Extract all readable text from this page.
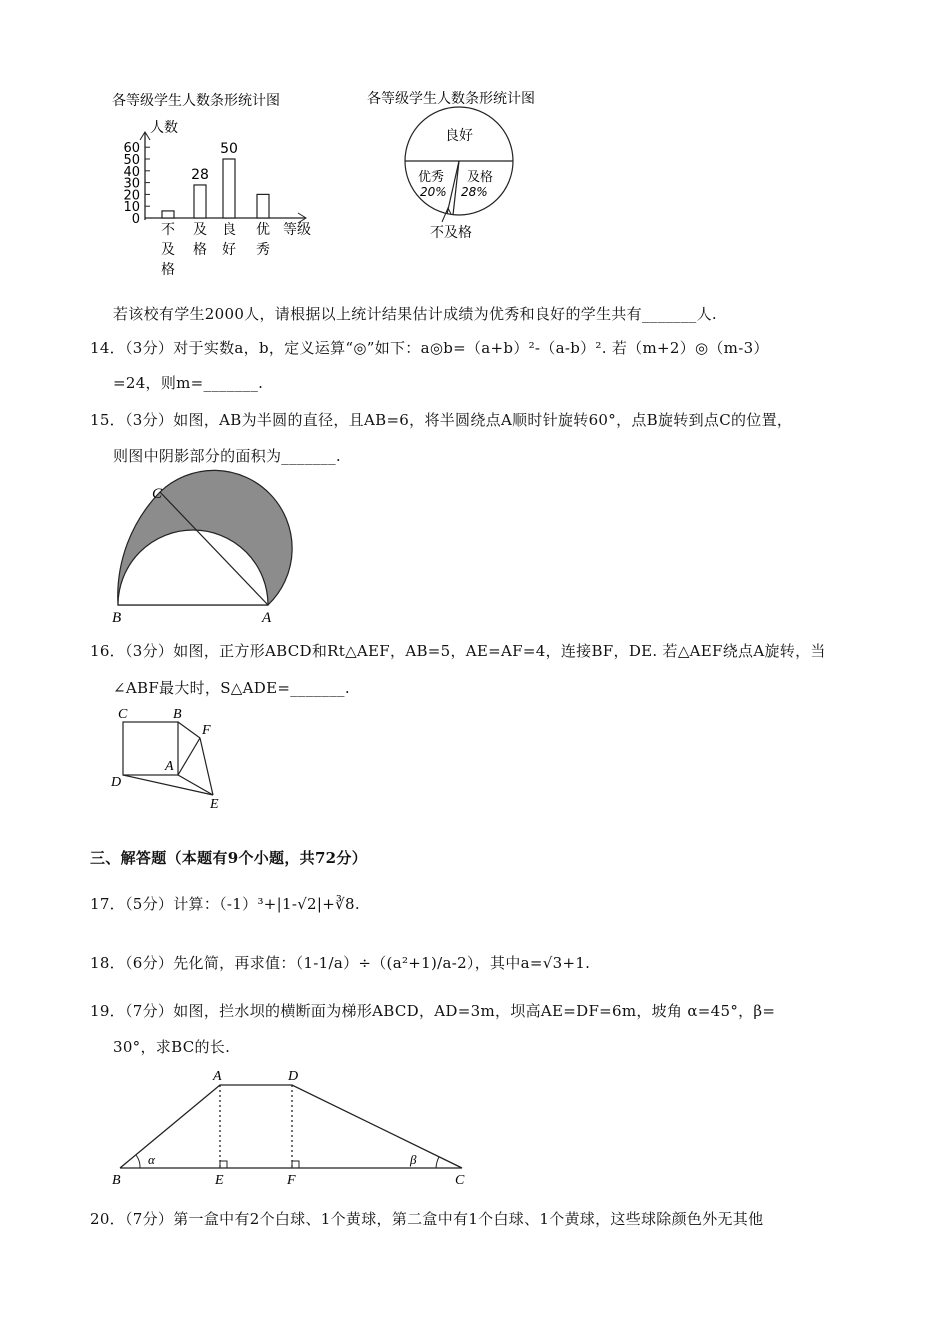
各等级学生人数条形统计图
人数
等级
0
10
20
30
40
50
60
不
及
格
及
格
良
好
优
秀
28
50
各等级学生人数条形统计图
良好
优秀
20%
及格
28%
不及格
若该校有学生2000人，请根据以上统计结果估计成绩为优秀和良好的学生共有_______人.
14．（3分）对于实数a，b，定义运算“◎”如下：a◎b=（a+b）²-（a-b）². 若（m+2）◎（m-3）
=24，则m=_______.
15．（3分）如图，AB为半圆的直径，且AB=6，将半圆绕点A顺时针旋转60°，点B旋转到点C的位置，
则图中阴影部分的面积为_______.
C
B	A
16．（3分）如图，正方形ABCD和Rt△AEF，AB=5，AE=AF=4，连接BF，DE. 若△AEF绕点A旋转，当
∠ABF最大时，S△ADE=_______.
C	B
F
A
D
E
三、解答题（本题有9个小题，共72分）
17．（5分）计算：（-1）³+|1-√2|+∛8.
18．（6分）先化简，再求值：（1-1/a）÷（(a²+1)/a-2），其中a=√3+1.
19．（7分）如图，拦水坝的横断面为梯形ABCD，AD=3m，坝高AE=DF=6m，坡角 α=45°，β=
30°，求BC的长.
A	D
B	E	F	C
α	β
20．（7分）第一盒中有2个白球、1个黄球，第二盒中有1个白球、1个黄球，这些球除颜色外无其他
